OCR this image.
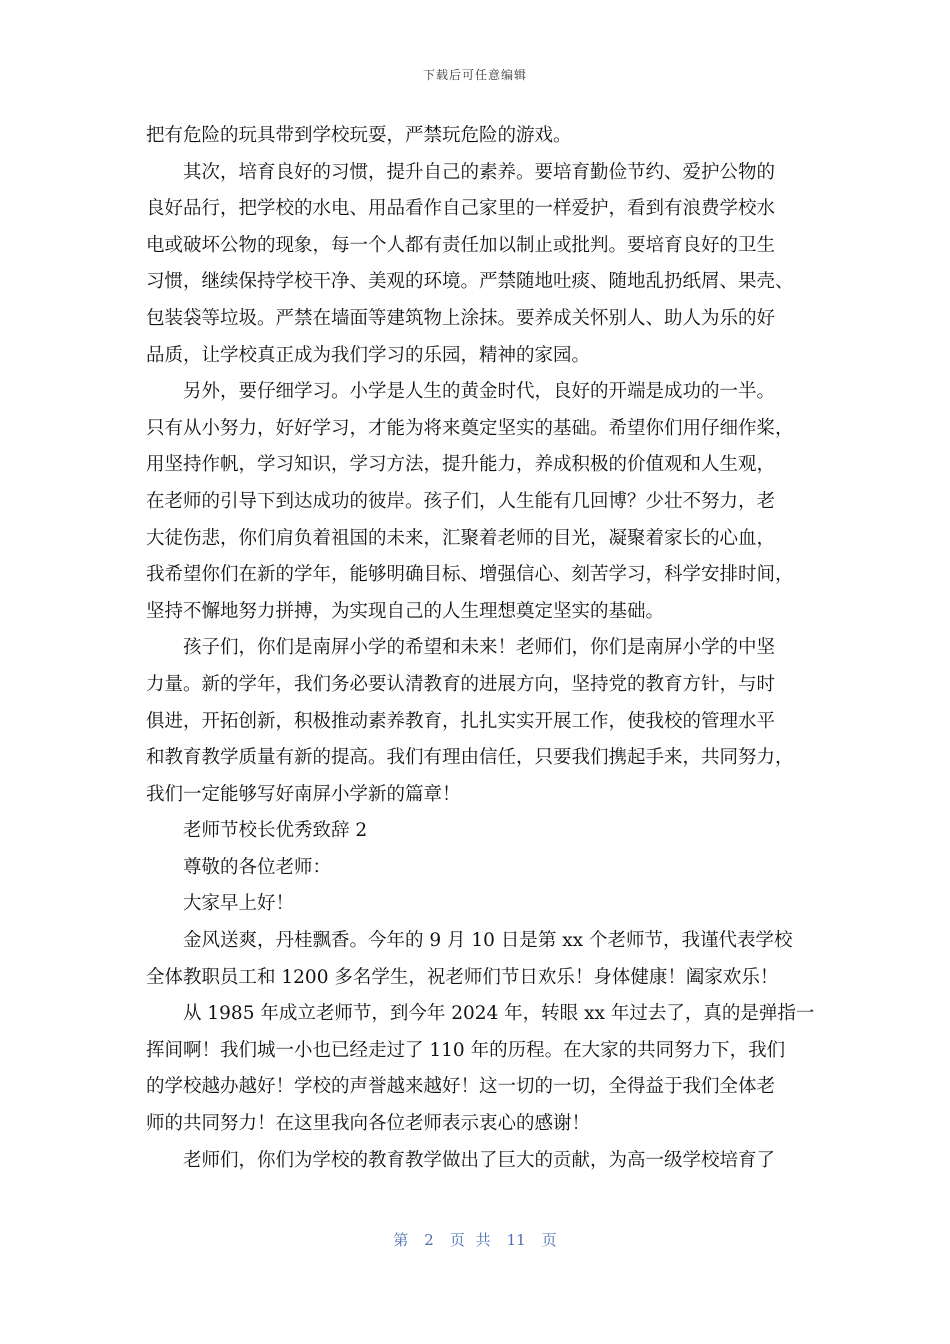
下载后可任意编辑
把有危险的玩具带到学校玩耍，严禁玩危险的游戏。
其次，培育良好的习惯，提升自己的素养。要培育勤俭节约、爱护公物的
良好品行，把学校的水电、用品看作自己家里的一样爱护，看到有浪费学校水
电或破坏公物的现象，每一个人都有责任加以制止或批判。要培育良好的卫生
习惯，继续保持学校干净、美观的环境。严禁随地吐痰、随地乱扔纸屑、果壳、
包装袋等垃圾。严禁在墙面等建筑物上涂抹。要养成关怀别人、助人为乐的好
品质，让学校真正成为我们学习的乐园，精神的家园。
另外，要仔细学习。小学是人生的黄金时代，良好的开端是成功的一半。
只有从小努力，好好学习，才能为将来奠定坚实的基础。希望你们用仔细作桨，
用坚持作帆，学习知识，学习方法，提升能力，养成积极的价值观和人生观，
在老师的引导下到达成功的彼岸。孩子们，人生能有几回博？少壮不努力，老
大徒伤悲，你们肩负着祖国的未来，汇聚着老师的目光，凝聚着家长的心血，
我希望你们在新的学年，能够明确目标、增强信心、刻苦学习，科学安排时间，
坚持不懈地努力拼搏，为实现自己的人生理想奠定坚实的基础。
孩子们，你们是南屏小学的希望和未来！老师们，你们是南屏小学的中坚
力量。新的学年，我们务必要认清教育的进展方向，坚持党的教育方针，与时
俱进，开拓创新，积极推动素养教育，扎扎实实开展工作，使我校的管理水平
和教育教学质量有新的提高。我们有理由信任，只要我们携起手来，共同努力，
我们一定能够写好南屏小学新的篇章！
老师节校长优秀致辞 2
尊敬的各位老师：
大家早上好！
金风送爽，丹桂飘香。今年的 9 月 10 日是第 xx 个老师节，我谨代表学校
全体教职员工和 1200 多名学生，祝老师们节日欢乐！身体健康！阖家欢乐！
从 1985 年成立老师节，到今年 2024 年，转眼 xx 年过去了，真的是弹指一
挥间啊！我们城一小也已经走过了 110 年的历程。在大家的共同努力下，我们
的学校越办越好！学校的声誉越来越好！这一切的一切，全得益于我们全体老
师的共同努力！在这里我向各位老师表示衷心的感谢！
老师们，你们为学校的教育教学做出了巨大的贡献，为高一级学校培育了
第 2 页 共 11 页
